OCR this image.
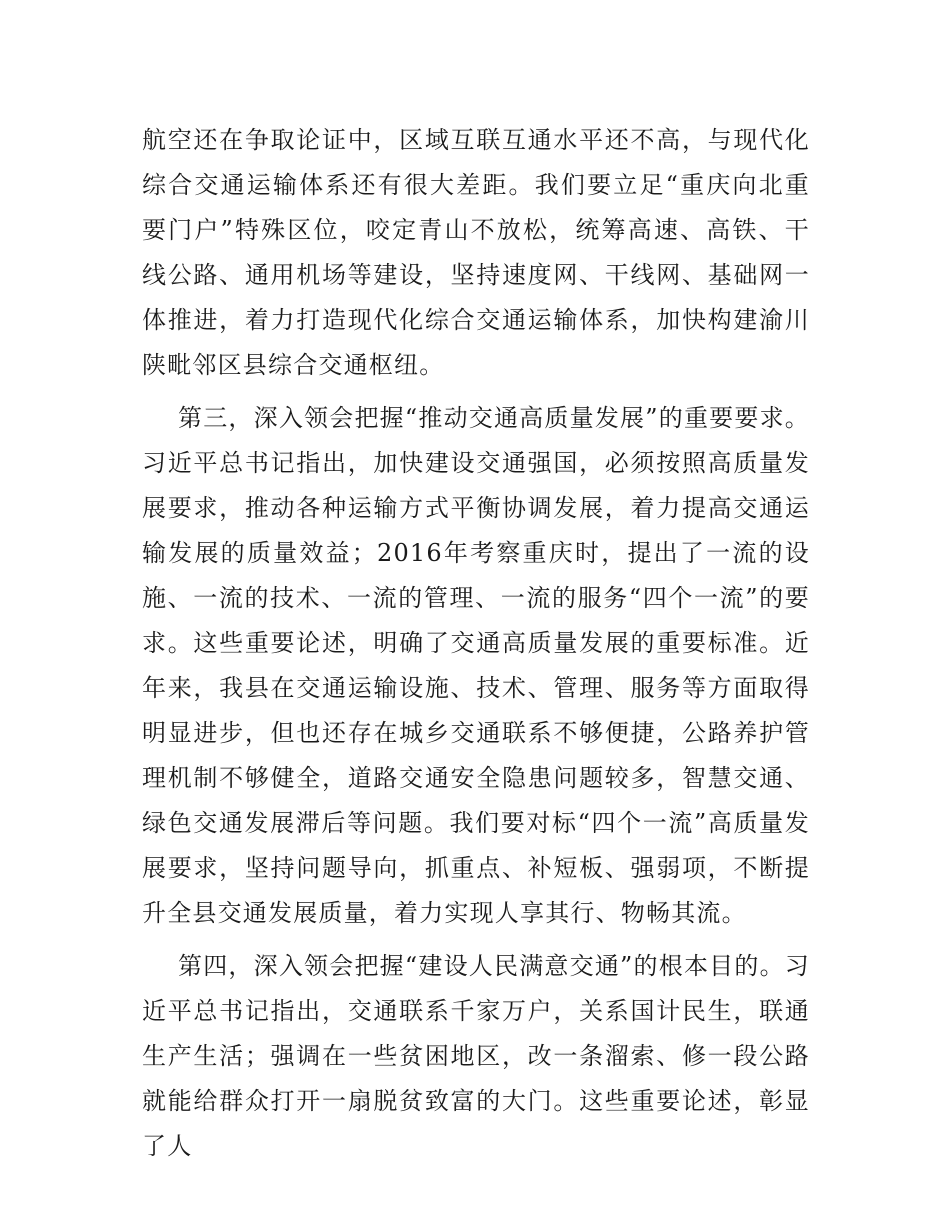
航空还在争取论证中，区域互联互通水平还不高，与现代化综合交通运输体系还有很大差距。我们要立足“重庆向北重要门户”特殊区位，咬定青山不放松，统筹高速、高铁、干线公路、通用机场等建设，坚持速度网、干线网、基础网一体推进，着力打造现代化综合交通运输体系，加快构建渝川陕毗邻区县综合交通枢纽。

第三，深入领会把握“推动交通高质量发展”的重要要求。习近平总书记指出，加快建设交通强国，必须按照高质量发展要求，推动各种运输方式平衡协调发展，着力提高交通运输发展的质量效益；2016年考察重庆时，提出了一流的设施、一流的技术、一流的管理、一流的服务“四个一流”的要求。这些重要论述，明确了交通高质量发展的重要标准。近年来，我县在交通运输设施、技术、管理、服务等方面取得明显进步，但也还存在城乡交通联系不够便捷，公路养护管理机制不够健全，道路交通安全隐患问题较多，智慧交通、绿色交通发展滞后等问题。我们要对标“四个一流”高质量发展要求，坚持问题导向，抓重点、补短板、强弱项，不断提升全县交通发展质量，着力实现人享其行、物畅其流。

第四，深入领会把握“建设人民满意交通”的根本目的。习近平总书记指出，交通联系千家万户，关系国计民生，联通生产生活；强调在一些贫困地区，改一条溜索、修一段公路就能给群众打开一扇脱贫致富的大门。这些重要论述，彰显了人
